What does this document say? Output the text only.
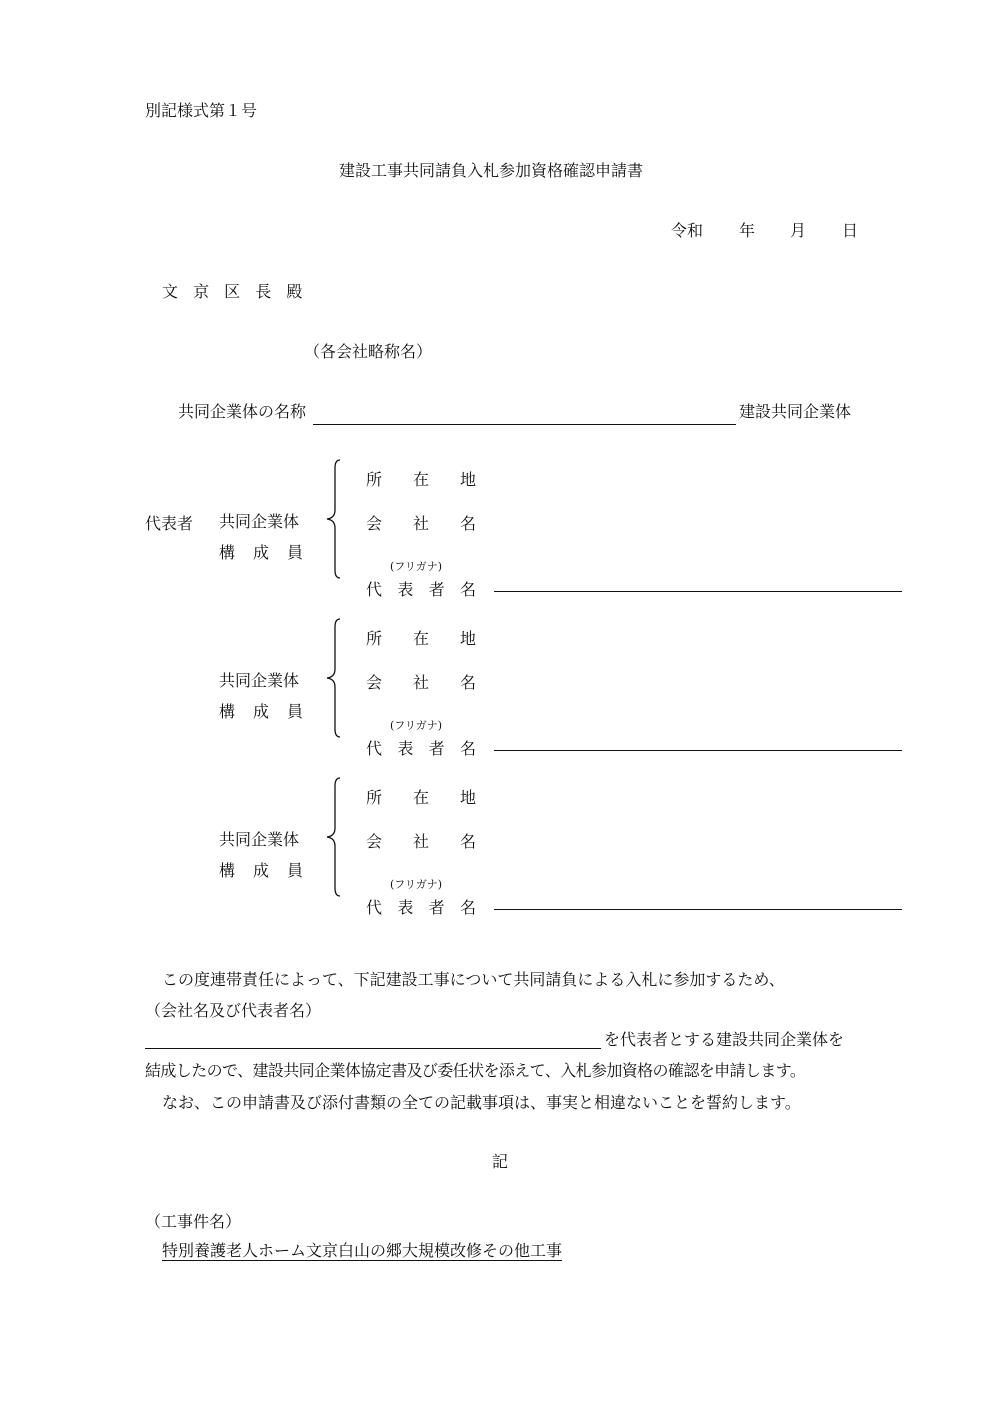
別記様式第１号
建設工事共同請負入札参加資格確認申請書
令和 年 月 日
文 京 区 長 殿
（各会社略称名）
共同企業体の名称	建設共同企業体
代表者 共同企業体
構 成 員
所 在 地
会 社 名
(フリガナ)
代 表 者 名
共同企業体
構 成 員
所 在 地
会 社 名
(フリガナ)
代 表 者 名
共同企業体
構 成 員
所 在 地
会 社 名
(フリガナ)
代 表 者 名
この度連帯責任によって、下記建設工事について共同請負による入札に参加するため、
（会社名及び代表者名）
を代表者とする建設共同企業体を
結成したので、建設共同企業体協定書及び委任状を添えて、入札参加資格の確認を申請します。
なお、この申請書及び添付書類の全ての記載事項は、事実と相違ないことを誓約します。
記
（工事件名）
特別養護老人ホーム文京白山の郷大規模改修その他工事
